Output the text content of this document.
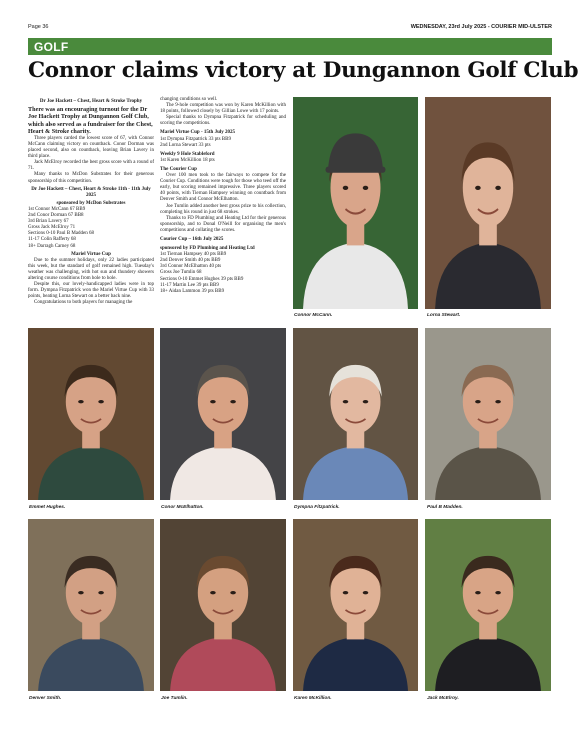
Page 36	WEDNESDAY, 23rd July 2025 - COURIER MID-ULSTER
GOLF
Connor claims victory at Dungannon Golf Club

Dr Joe Hackett – Chest, Heart & Stroke Trophy

There was an encouraging turnout for the Dr Joe Hackett Trophy at Dungannon Golf Club, which also served as a fundraiser for the Chest, Heart & Stroke charity.

Three players carded the lowest score of 67, with Connor McCann claiming victory on countback. Conor Dorman was placed second, also on countback, leaving Brian Lavery in third place.

Jack McElroy recorded the best gross score with a round of 71.

Many thanks to McDon Substrates for their generous sponsorship of this competition.

Dr Joe Hackett – Chest, Heart & Stroke 11th - 11th July 2025

sponsored by McDon Substrates

1st Connor McCann 67 BB9

2nd Conor Dorman 67 BB8

3rd Brian Lavery 67

Gross Jack McElroy 71

Sections 0-10 Paul B Madden 68

11-17 Colin Rafferty 68

18+ Darragh Carney 68

Mariel Virtue Cup

Due to the summer holidays, only 22 ladies participated this week, but the standard of golf remained high. Tuesday's weather was challenging, with hot sun and thundery showers altering course conditions from hole to hole.

Despite this, our lovely-handicapped ladies were in top form. Dympna Fitzpatrick won the Mariel Virtue Cup with 33 points, beating Lorna Stewart on a better back nine.

Congratulations to both players for managing the

changing conditions so well.

The 9-hole competition was won by Karen McKillion with 18 points, followed closely by Gillian Lowe with 17 points.

Special thanks to Dympna Fitzpatrick for scheduling and scoring the competitions.

Mariel Virtue Cup - 15th July 2025

1st Dympna Fitzpatrick 33 pts BB9

2nd Lorna Stewart 33 pts

Weekly 9 Hole Stableford

1st Karen McKillion 18 pts

The Courier Cup

Over 100 men took to the fairways to compete for the Courier Cup. Conditions were tough for those who teed off the early, but scoring remained impressive. Three players scored 40 points, with Tiernan Hampsey winning on countback from Denver Smith and Connor McElhatton.

Joe Tumlin added another best gross prize to his collection, completing his round in just 68 strokes.

Thanks to FD Plumbing and Heating Ltd for their generous sponsorship, and to Donal O'Neill for organising the men's competitions and collating the scores.

Courier Cup – 16th July 2025

sponsored by FD Plumbing and Heating Ltd

1st Tiernan Hampsey 40 pts BB9

2nd Denver Smith 40 pts BB9

3rd Connor McElhatton 40 pts

Gross Joe Tumlin 68

Sections 0-10 Emmet Hughes 39 pts BB9

11-17 Martin Lee 39 pts BB9

18+ Aidan Lammon 39 pts BB9

Connor McCann.	Lorna Stewart.
Emmet Hughes.	Conor McElhatton.	Dympna Fitzpatrick.	Paul B Madden.
Denver Smith.	Joe Tumlin.	Karen McKillion.	Jack McElroy.
